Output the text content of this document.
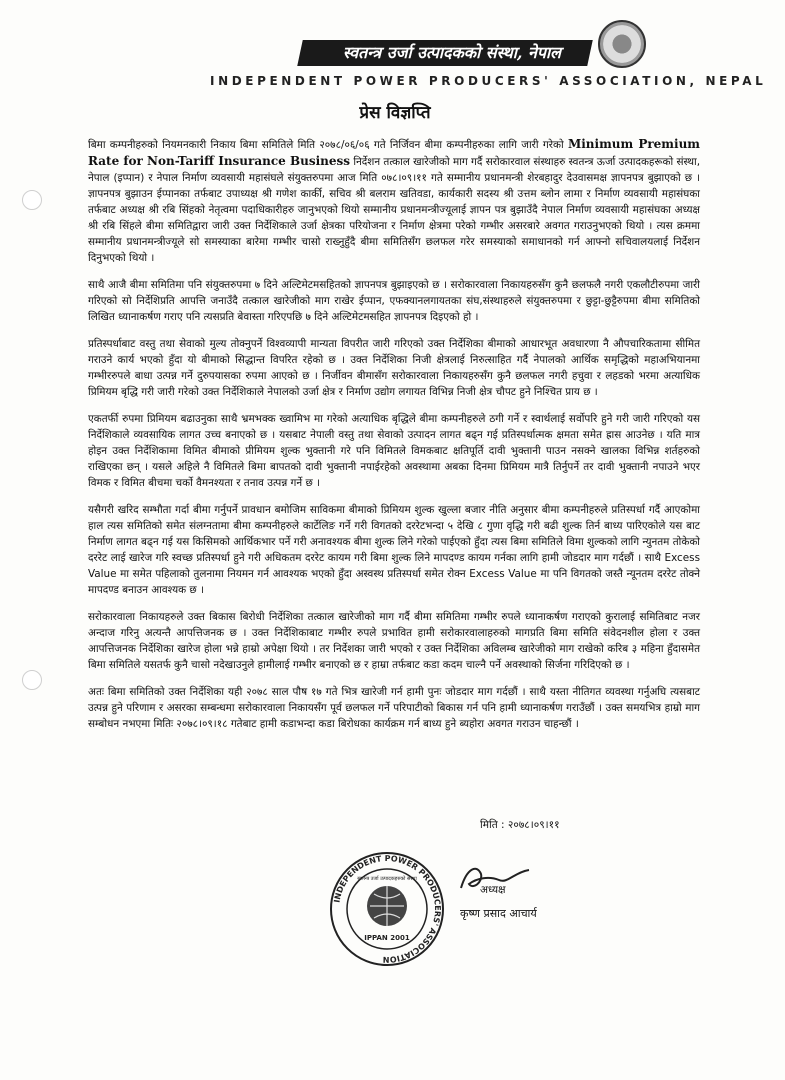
स्वतन्त्र उर्जा उत्पादकको संस्था, नेपाल
INDEPENDENT POWER PRODUCERS' ASSOCIATION, NEPAL
प्रेस विज्ञप्ति

बिमा कम्पनीहरुको नियमनकारी निकाय बिमा समितिले मिति २०७८/०६/०६ गते निर्जिवन बीमा कम्पनीहरुका लागि जारी गरेको Minimum Premium Rate for Non-Tariff Insurance Business निर्देशन तत्काल खारेजीको माग गर्दै सरोकारवाल संस्थाहरु स्वतन्त्र ऊर्जा उत्पादकहरूको संस्था, नेपाल (इप्पान) र नेपाल निर्माण व्यवसायी महासंघले संयुक्तरुपमा आज मिति ०७८।०९।११ गते सम्मानीय प्रधानमन्त्री शेरबहादुर देउवासमक्ष ज्ञापनपत्र बुझाएको छ । ज्ञापनपत्र बुझाउन ईप्पानका तर्फबाट उपाध्यक्ष श्री गणेश कार्की, सचिव श्री बलराम खतिवडा, कार्यकारी सदस्य श्री उत्तम ब्लोन लामा र निर्माण व्यवसायी महासंघका तर्फबाट अध्यक्ष श्री रबि सिंहको नेतृत्वमा पदाधिकारीहरु जानुभएको थियो सम्मानीय प्रधानमन्त्रीज्यूलाई ज्ञापन पत्र बुझाउँदै नेपाल निर्माण व्यवसायी महासंघका अध्यक्ष श्री रबि सिंहले बीमा समितिद्वारा जारी उक्त निर्देशिकाले उर्जा क्षेत्रका परियोजना र निर्माण क्षेत्रमा परेको गम्भीर असरबारे अवगत गराउनुभएको थियो । त्यस क्रममा सम्मानीय प्रधानमन्त्रीज्यूले सो समस्याका बारेमा गम्भीर चासो राख्नुहुँदै बीमा समितिसँग छलफल गरेर समस्याको समाधानको गर्न आफ्नो सचिवालयलाई निर्देशन दिनुभएको थियो ।

साथै आजै बीमा समितिमा पनि संयुक्तरुपमा ७ दिने अल्टिमेटमसहितको ज्ञापनपत्र बुझाइएको छ । सरोकारवाला निकायहरुसँग कुनै छलफलै नगरी एकलौटीरुपमा जारी गरिएको सो निर्देशिप्रति आपत्ति जनाउँदै तत्काल खारेजीको माग राखेर ईप्पान, एफक्यानलगायतका संघ,संस्थाहरुले संयुक्तरुपमा र छुट्टा-छुट्टैरुपमा बीमा समितिको लिखित ध्यानाकर्षण गराए पनि त्यसप्रति बेवास्ता गरिएपछि ७ दिने अल्टिमेटमसहित ज्ञापनपत्र दिइएको हो ।

प्रतिस्पर्धाबाट वस्तु तथा सेवाको मुल्य तोक्नुपर्ने विश्वव्यापी मान्यता विपरीत जारी गरिएको उक्त निर्देशिका बीमाको आधारभूत अवधारणा नै औपचारिकतामा सीमित गराउने कार्य भएको हुँदा यो बीमाको सिद्धान्त विपरित रहेको छ । उक्त निर्देशिका निजी क्षेत्रलाई निरुत्साहित गर्दै नेपालको आर्थिक समृद्धिको महाअभियानमा गम्भीररुपले बाधा उत्पन्न गर्ने दुरुपयासका रुपमा आएको छ । निर्जीवन बीमासँग सरोकारवाला निकायहरुसँग कुनै छलफल नगरी हचुवा र लहडको भरमा अत्याधिक प्रिमियम बृद्धि गरी जारी गरेको उक्त निर्देशिकाले नेपालको उर्जा क्षेत्र र निर्माण उद्योग लगायत विभिन्न निजी क्षेत्र चौपट हुने निश्चित प्राय छ ।

एकतर्फी रुपमा प्रिमियम बढाउनुका साथै भ्रमभक्क ख्वामिभ मा गरेको अत्याधिक बृद्धिले बीमा कम्पनीहरुले ठगी गर्ने र स्वार्थलाई सर्वोपरि हुने गरी जारी गरिएको यस निर्देशिकाले व्यवसायिक लागत उच्च बनाएको छ । यसबाट नेपाली वस्तु तथा सेवाको उत्पादन लागत बढ्न गई प्रतिस्पर्धात्मक क्षमता समेत ह्रास आउनेछ । यति मात्र होइन उक्त निर्देशिकामा विमित बीमाको प्रीमियम शुल्क भुक्तानी गरे पनि विमितले विमकबाट क्षतिपूर्ति दावी भुक्तानी पाउन नसक्ने खालका विभिन्न शर्तहरुको राखिएका छन् । यसले अहिले नै विमितले बिमा बापतको दावी भुक्तानी नपाईरहेको अवस्थामा अबका दिनमा प्रिमियम मात्रै तिर्नुपर्ने तर दावी भुक्तानी नपाउने भएर विमक र विमित बीचमा चर्को वैमनश्यता र तनाव उत्पन्न गर्ने छ ।

यसैगरी खरिद सम्भौता गर्दा बीमा गर्नुपर्ने प्रावधान बमोजिम साविकमा बीमाको प्रिमियम शुल्क खुल्ला बजार नीति अनुसार बीमा कम्पनीहरुले प्रतिस्पर्धा गर्दै आएकोमा हाल त्यस समितिको समेत संलग्नतामा बीमा कम्पनीहरुले कार्टेलिङ गर्ने गरी विगतको दररेटभन्दा ५ देखि ८ गुणा वृद्धि गरी बढी शुल्क तिर्न बाध्य पारिएकोले यस बाट निर्माण लागत बढ्न गई यस किसिमको आर्थिकभार पर्ने गरी अनावश्यक बीमा शुल्क लिने गरेको पाईएको हुँदा त्यस बिमा समितिले विमा शुल्कको लागि न्युनतम तोकेको दररेट लाई खारेज गरि स्वच्छ प्रतिस्पर्धा हुने गरी अधिकतम दररेट कायम गरी बिमा शुल्क लिने मापदण्ड कायम गर्नका लागि हामी जोडदार माग गर्दछौं । साथै Excess Value मा समेत पहिलाको तुलनामा नियमन गर्न आवश्यक भएको हुँदा अस्वस्थ प्रतिस्पर्धा समेत रोक्न Excess Value मा पनि विगतको जस्तै न्यूनतम दररेट तोक्ने मापदण्ड बनाउन आवश्यक छ ।

सरोकारवाला निकायहरुले उक्त बिकास बिरोधी निर्देशिका तत्काल खारेजीको माग गर्दै बीमा समितिमा गम्भीर रुपले ध्यानाकर्षण गराएको कुरालाई समितिबाट नजर अन्दाज गरिनु अत्यन्तै आपत्तिजनक छ । उक्त निर्देशिकाबाट गम्भीर रुपले प्रभावित हामी सरोकारवालाहरुको मागप्रति बिमा समिति संवेदनशील होला र उक्त आपत्तिजनक निर्देशिका खारेज होला भन्ने हाम्रो अपेक्षा थियो । तर निर्देशका जारी भएको र उक्त निर्देशिका अविलम्ब खारेजीको माग राखेको करिब ३ महिना हुँदासमेत बिमा समितिले यसतर्फ कुनै चासो नदेखाउनुले हामीलाई गम्भीर बनाएको छ र हाम्रा तर्फबाट कडा कदम चाल्नै पर्ने अवस्थाको सिर्जना गरिदिएको छ ।

अतः बिमा समितिको उक्त निर्देशिका यही २०७८ साल पौष १७ गते भित्र खारेजी गर्न हामी पुनः जोडदार माग गर्दछौं । साथै यस्ता नीतिगत व्यवस्था गर्नुअघि त्यसबाट उत्पन्न हुने परिणाम र असरका सम्बन्धमा सरोकारवाला निकायसँग पूर्व छलफल गर्ने परिपाटीको बिकास गर्न पनि हामी ध्यानाकर्षण गराउँछौं । उक्त समयभित्र हाम्रो माग सम्बोधन नभएमा मितिः २०७८।०९।१८ गतेबाट हामी कडाभन्दा कडा बिरोधका कार्यक्रम गर्न बाध्य हुने ब्यहोरा अवगत गराउन चाहन्छौं ।

मिति : २०७८।०९।११
INDEPENDENT POWER PRODUCERS' ASSOCIATION
स्वतन्त्र उर्जा उत्पादकहरुको संस्था
IPPAN 2001
अध्यक्ष
कृष्ण प्रसाद आचार्य
